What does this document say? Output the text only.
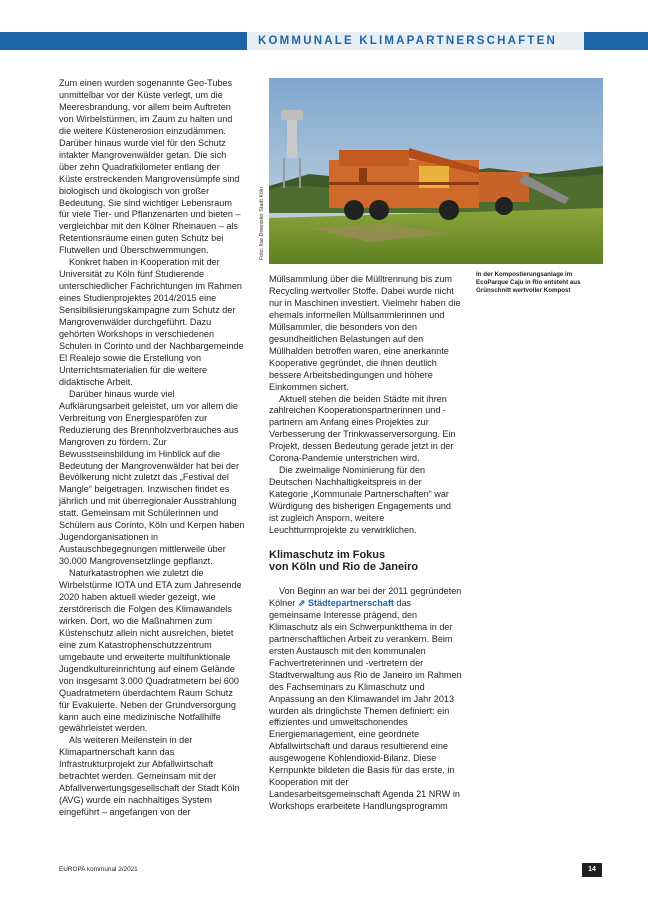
KOMMUNALE KLIMAPARTNERSCHAFTEN

Zum einen wurden sogenannte Geo-Tubes unmittelbar vor der Küste verlegt, um die Meeresbrandung, vor allem beim Auftreten von Wirbelstürmen, im Zaum zu halten und die weitere Küstenerosion einzudämmen. Darüber hinaus wurde viel für den Schutz intakter Mangrovenwälder getan. Die sich über zehn Quadratkilometer entlang der Küste erstreckenden Mangrovensümpfe sind biologisch und ökologisch von großer Bedeutung. Sie sind wichtiger Lebensraum für viele Tier- und Pflanzenarten und bieten – vergleichbar mit den Kölner Rheinauen – als Retentionsräume einen guten Schutz bei Flutwellen und Überschwemmungen.

Konkret haben in Kooperation mit der Universität zu Köln fünf Studierende unterschiedlicher Fachrichtungen im Rahmen eines Studienprojektes 2014/2015 eine Sensibilisierungskampagne zum Schutz der Mangrovenwälder durchgeführt. Dazu gehörten Workshops in verschiedenen Schulen in Corinto und der Nachbargemeinde El Realejo sowie die Erstellung von Unterrichtsmaterialien für die weitere didaktische Arbeit.

Darüber hinaus wurde viel Aufklärungsarbeit geleistet, um vor allem die Verbreitung von Energiesparöfen zur Reduzierung des Brennholzverbrauches aus Mangroven zu fördern. Zur Bewusstseinsbildung im Hinblick auf die Bedeutung der Mangrovenwälder hat bei der Bevölkerung nicht zuletzt das „Festival del Mangle“ beigetragen. Inzwischen findet es jährlich und mit überregionaler Ausstrahlung statt. Gemeinsam mit Schülerinnen und Schülern aus Corinto, Köln und Kerpen haben Jugendorganisationen in Austauschbegegnungen mittlerweile über 30.000 Mangrovensetzlinge gepflanzt.

Naturkatastrophen wie zuletzt die Wirbelstürme IOTA und ETA zum Jahresende 2020 haben aktuell wieder gezeigt, wie zerstörerisch die Folgen des Klimawandels wirken. Dort, wo die Maßnahmen zum Küstenschutz allein nicht ausreichen, bietet eine zum Katastrophenschutzzentrum umgebaute und erweiterte multifunktionale Jugendkultureinrichtung auf einem Gelände von insgesamt 3.000 Quadratmetern bei 600 Quadratmetern überdachtem Raum Schutz für Evakuierte. Neben der Grundversorgung kann auch eine medizinische Notfallhilfe gewährleistet werden.

Als weiteren Meilenstein in der Klimapartnerschaft kann das Infrastrukturprojekt zur Abfallwirtschaft betrachtet werden. Gemeinsam mit der Abfallverwertungsgesellschaft der Stadt Köln (AVG) wurde ein nachhaltiges System eingeführt – angefangen von der

Foto: Ilse Dreessler Stadt Köln
In der Kompostierungsanlage im EcoParque Caju in Rio entsteht aus Grünschnitt wertvoller Kompost

Müllsammlung über die Mülltrennung bis zum Recycling wertvoller Stoffe. Dabei wurde nicht nur in Maschinen investiert. Vielmehr haben die ehemals informellen Müllsammlerinnen und Müllsammler, die besonders von den gesundheitlichen Belastungen auf den Müllhalden betroffen waren, eine anerkannte Kooperative gegründet, die ihnen deutlich bessere Arbeitsbedingungen und höhere Einkommen sichert.

Aktuell stehen die beiden Städte mit ihren zahlreichen Kooperationspartnerinnen und -partnern am Anfang eines Projektes zur Verbesserung der Trinkwasserversorgung. Ein Projekt, dessen Bedeutung gerade jetzt in der Corona-Pandemie unterstrichen wird.

Die zweimalige Nominierung für den Deutschen Nachhaltigkeitspreis in der Kategorie „Kommunale Partnerschaften“ war Würdigung des bisherigen Engagements und ist zugleich Ansporn, weitere Leuchtturmprojekte zu verwirklichen.

Klimaschutz im Fokus

von Köln und Rio de Janeiro

Von Beginn an war bei der 2011 gegründeten Kölner ⇗ Städtepartnerschaft das gemeinsame Interesse prägend, den Klimaschutz als ein Schwerpunktthema in der partnerschaftlichen Arbeit zu verankern. Beim ersten Austausch mit den kommunalen Fachvertreterinnen und -vertretern der Stadtverwaltung aus Rio de Janeiro im Rahmen des Fachseminars zu Klimaschutz und Anpassung an den Klimawandel im Jahr 2013 wurden als dringlichste Themen definiert: ein effizientes und umweltschonendes Energiemanagement, eine geordnete Abfallwirtschaft und daraus resultierend eine ausgewogene Kohlendioxid-Bilanz. Diese Kernpunkte bildeten die Basis für das erste, in Kooperation mit der Landesarbeitsgemeinschaft Agenda 21 NRW in Workshops erarbeitete Handlungsprogramm

EUROPA kommunal 2/2021	14
